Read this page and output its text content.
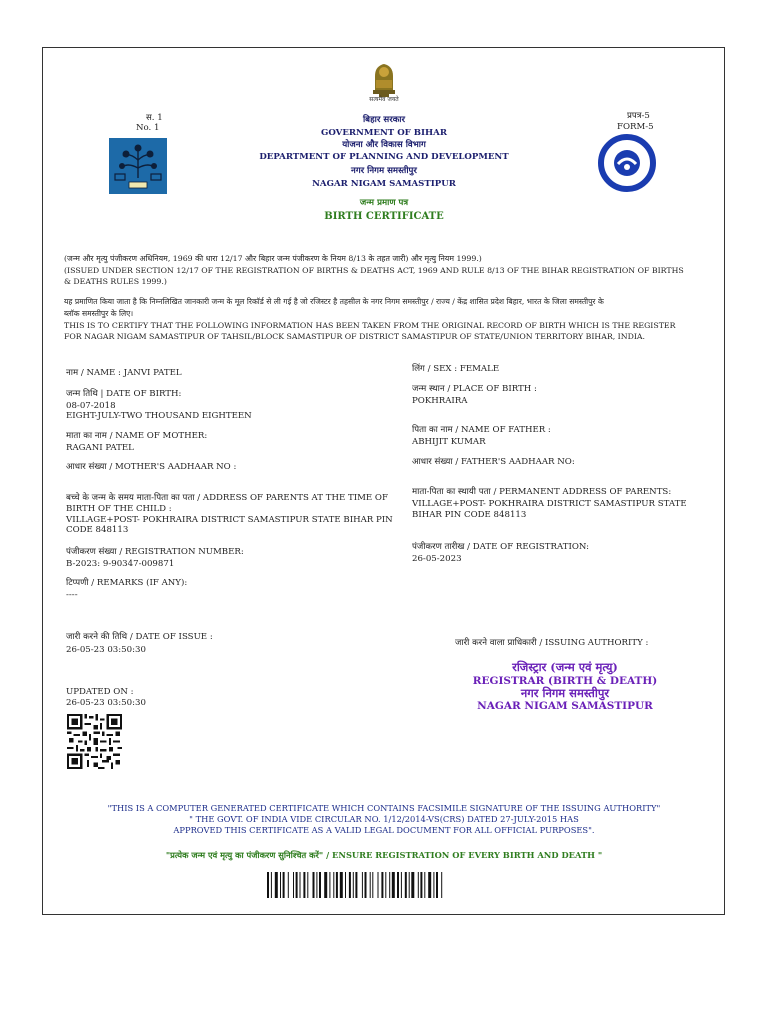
सत्यमेव जयते
स. 1
No. 1
प्रपत्र-5
FORM-5
बिहार सरकार
GOVERNMENT OF BIHAR
योजना और विकास विभाग
DEPARTMENT OF PLANNING AND DEVELOPMENT
नगर निगम समस्तीपुर
NAGAR NIGAM SAMASTIPUR
जन्म प्रमाण पत्र
BIRTH CERTIFICATE
(जन्म और मृत्यु पंजीकरण अधिनियम, 1969 की धारा 12/17 और बिहार जन्म पंजीकरण के नियम 8/13 के तहत जारी) और मृत्यु नियम 1999.)
(ISSUED UNDER SECTION 12/17 OF THE REGISTRATION OF BIRTHS & DEATHS ACT, 1969 AND RULE 8/13 OF THE BIHAR REGISTRATION OF BIRTHS
& DEATHS RULES 1999.)
यह प्रमाणित किया जाता है कि निम्नलिखित जानकारी जन्म के मूल रिकॉर्ड से ली गई है जो रजिस्टर है तहसील के नगर निगम समस्तीपुर / राज्य / केंद्र शासित प्रदेश बिहार, भारत के जिला समस्तीपुर के
ब्लॉक समस्तीपुर के लिए।
THIS IS TO CERTIFY THAT THE FOLLOWING INFORMATION HAS BEEN TAKEN FROM THE ORIGINAL RECORD OF BIRTH WHICH IS THE REGISTER
FOR NAGAR NIGAM SAMASTIPUR OF TAHSIL/BLOCK SAMASTIPUR OF DISTRICT SAMASTIPUR OF STATE/UNION TERRITORY BIHAR, INDIA.
नाम / NAME : JANVI PATEL
जन्म तिथि | DATE OF BIRTH:
08-07-2018
EIGHT-JULY-TWO THOUSAND EIGHTEEN
माता का नाम / NAME OF MOTHER:
RAGANI PATEL
आधार संख्या / MOTHER'S AADHAAR NO :
बच्चे के जन्म के समय माता-पिता का पता / ADDRESS OF PARENTS AT THE TIME OF
BIRTH OF THE CHILD :
VILLAGE+POST- POKHRAIRA DISTRICT SAMASTIPUR STATE BIHAR PIN
CODE 848113
पंजीकरण संख्या / REGISTRATION NUMBER:
B-2023: 9-90347-009871
टिप्पणी / REMARKS (IF ANY):
----
जारी करने की तिथि / DATE OF ISSUE :
26-05-23 03:50:30
UPDATED ON :
26-05-23 03:50:30
लिंग / SEX : FEMALE
जन्म स्थान / PLACE OF BIRTH :
POKHRAIRA
पिता का नाम / NAME OF FATHER :
ABHIJIT KUMAR
आधार संख्या / FATHER'S AADHAAR NO:
माता-पिता का स्थायी पता / PERMANENT ADDRESS OF PARENTS:
VILLAGE+POST- POKHRAIRA DISTRICT SAMASTIPUR STATE
BIHAR PIN CODE 848113
पंजीकरण तारीख / DATE OF REGISTRATION:
26-05-2023
जारी करने वाला प्राधिकारी / ISSUING AUTHORITY :
रजिस्ट्रार (जन्म एवं मृत्यु)
REGISTRAR (BIRTH & DEATH)
नगर निगम समस्तीपुर
NAGAR NIGAM SAMASTIPUR
"THIS IS A COMPUTER GENERATED CERTIFICATE WHICH CONTAINS FACSIMILE SIGNATURE OF THE ISSUING AUTHORITY"
" THE GOVT. OF INDIA VIDE CIRCULAR NO. 1/12/2014-VS(CRS) DATED 27-JULY-2015 HAS
APPROVED THIS CERTIFICATE AS A VALID LEGAL DOCUMENT FOR ALL OFFICIAL PURPOSES".
"प्रत्येक जन्म एवं मृत्यु का पंजीकरण सुनिश्चित करें" / ENSURE REGISTRATION OF EVERY BIRTH AND DEATH "
